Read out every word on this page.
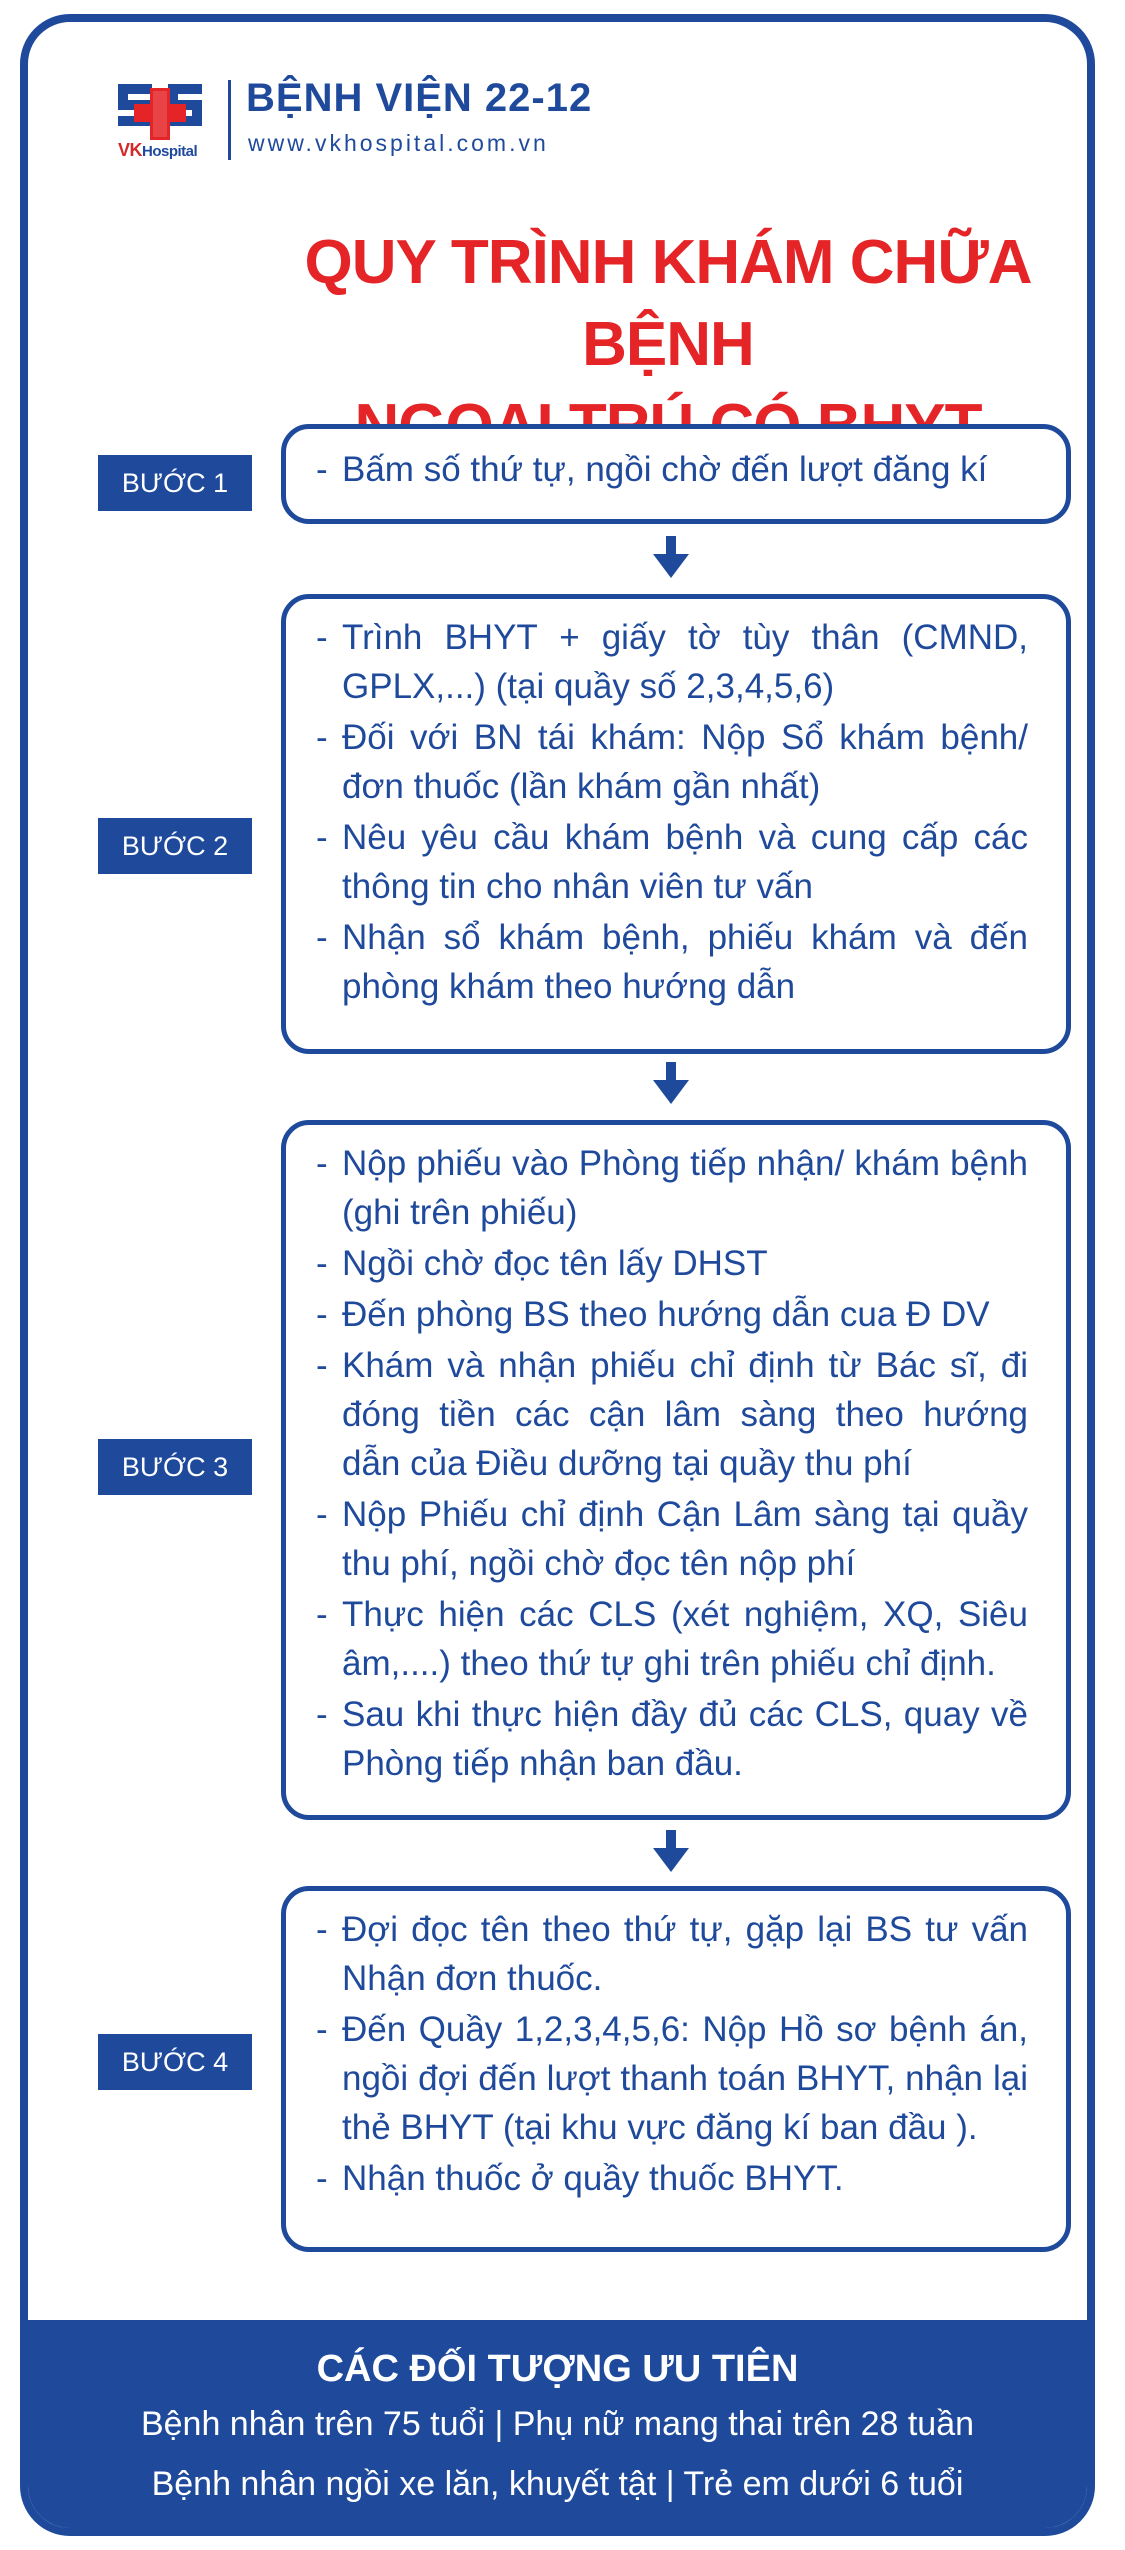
VKHospital
BỆNH VIỆN 22-12
www.vkhospital.com.vn
QUY TRÌNH KHÁM CHỮA BỆNH
BƯỚC 1
-	Bấm số thứ tự, ngồi chờ đến lượt đăng kí
BƯỚC 2
- Trình BHYT + giấy tờ tùy thân (CMND, GPLX,...) (tại quầy số 2,3,4,5,6)
- Đối với BN tái khám: Nộp Sổ khám bệnh/ đơn thuốc (lần khám gần nhất)
- Nêu yêu cầu khám bệnh và cung cấp các thông tin cho nhân viên tư vấn
- Nhận sổ khám bệnh, phiếu khám và đến phòng khám theo hướng dẫn
BƯỚC 3
- Nộp phiếu vào Phòng tiếp nhận/ khám bệnh (ghi trên phiếu)
- Ngồi chờ đọc tên lấy DHST
- Đến phòng BS theo hướng dẫn cua Đ DV
- Khám và nhận phiếu chỉ định từ Bác sĩ, đi đóng tiền các cận lâm sàng theo hướng dẫn của Điều dưỡng tại quầy thu phí
- Nộp Phiếu chỉ định Cận Lâm sàng tại quầy thu phí, ngồi chờ đọc tên nộp phí
- Thực hiện các CLS (xét nghiệm, XQ, Siêu âm,....) theo thứ tự ghi trên phiếu chỉ định.
- Sau khi thực hiện đầy đủ các CLS, quay về Phòng tiếp nhận ban đầu.
BƯỚC 4
- Đợi đọc tên theo thứ tự, gặp lại BS tư vấn Nhận đơn thuốc.
- Đến Quầy 1,2,3,4,5,6: Nộp Hồ sơ bệnh án, ngồi đợi đến lượt thanh toán BHYT, nhận lại thẻ BHYT (tại khu vực đăng kí ban đầu ).
- Nhận thuốc ở quầy thuốc BHYT.
CÁC ĐỐI TƯỢNG ƯU TIÊN
Bệnh nhân trên 75 tuổi | Phụ nữ mang thai trên 28 tuần
Bệnh nhân ngồi xe lăn, khuyết tật | Trẻ em dưới 6 tuổi
